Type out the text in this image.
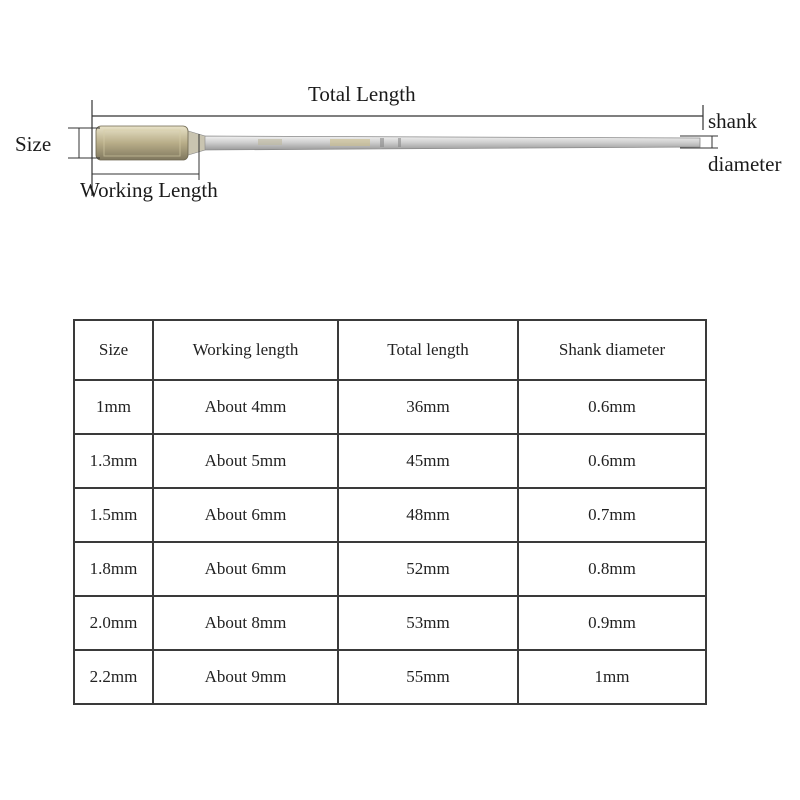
Total Length
Size
Working Length
shank
diameter
Size	Working length	Total length	Shank diameter
1mm	About 4mm	36mm	0.6mm
1.3mm	About 5mm	45mm	0.6mm
1.5mm	About 6mm	48mm	0.7mm
1.8mm	About 6mm	52mm	0.8mm
2.0mm	About 8mm	53mm	0.9mm
2.2mm	About 9mm	55mm	1mm
